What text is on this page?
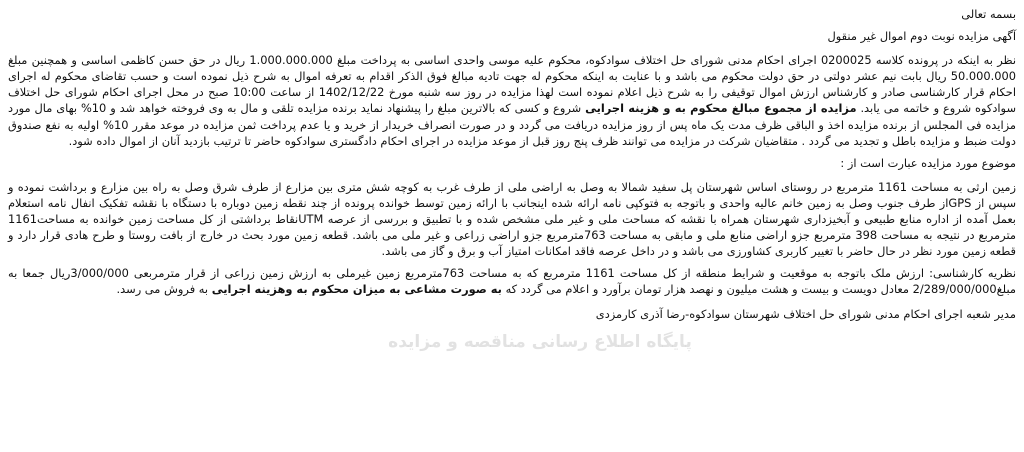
بسمه تعالی
آگهی مزایده نوبت دوم اموال غیر منقول

نظر به اینکه در پرونده کلاسه 0200025 اجرای احکام مدنی شورای حل اختلاف سوادکوه، محکوم علیه موسی واحدی اساسی به پرداخت مبلغ 1.000.000.000 ریال در حق حسن کاظمی اساسی و همچنین مبلغ 50.000.000 ریال بابت نیم عشر دولتی در حق دولت محکوم می باشد و با عنایت به اینکه محکوم له جهت تادیه مبالغ فوق الذکر اقدام به تعرفه اموال به شرح ذیل نموده است و حسب تقاضای محکوم له اجرای احکام قرار کارشناسی صادر و کارشناس ارزش اموال توقیفی را به شرح ذیل اعلام نموده است لهذا مزایده در روز سه شنبه مورخ 1402/12/22 از ساعت 10:00 صبح در محل اجرای احکام شورای حل اختلاف سوادکوه شروع و خاتمه می یابد. مزایده از مجموع مبالغ محکوم به و هزینه اجرایی شروع و کسی که بالاترین مبلغ را پیشنهاد نماید برنده مزایده تلقی و مال به وی فروخته خواهد شد و 10% بهای مال مورد مزایده فی المجلس از برنده مزایده اخذ و الباقی ظرف مدت یک ماه پس از روز مزایده دریافت می گردد و در صورت انصراف خریدار از خرید و یا عدم پرداخت ثمن مزایده در موعد مقرر 10% اولیه به نفع صندوق دولت ضبط و مزایده باطل و تجدید می گردد . متقاضیان شرکت در مزایده می توانند ظرف پنج روز قبل از موعد مزایده در اجرای احکام دادگستری سوادکوه حاضر تا ترتیب بازدید آنان از اموال داده شود.

موضوع مورد مزایده عبارت است از :

زمین ارثی به مساحت 1161 مترمربع در روستای اساس شهرستان پل سفید شمالا به وصل به اراضی ملی از طرف غرب به کوچه شش متری بین مزارع از طرف شرق وصل به راه بین مزارع و برداشت نموده و سپس از GPSاز طرف جنوب وصل به زمین خانم عالیه واحدی و باتوجه به فتوکپی نامه ارائه شده اینجانب با ارائه زمین توسط خوانده پرونده از چند نقطه زمین دوباره با دستگاه با نقشه تفکیک انفال نامه استعلام بعمل آمده از اداره منابع طبیعی و آبخیزداری شهرستان همراه با نقشه که مساحت ملی و غیر ملی مشخص شده و با تطبیق و بررسی از عرصه UTMنقاط برداشتی از کل مساحت زمین خوانده به مساحت1161 مترمربع در نتیجه به مساحت 398 مترمربع جزو اراضی منابع ملی و مابقی به مساحت 763مترمربع جزو اراضی زراعی و غیر ملی می باشد. قطعه زمین مورد بحث در خارج از بافت روستا و طرح هادی قرار دارد و قطعه زمین مورد نظر در حال حاضر با تغییر کاربری کشاورزی می باشد و در داخل عرصه فاقد امکانات امتیاز آب و برق و گاز می باشد.

نظریه کارشناسی: ارزش ملک باتوجه به موقعیت و شرایط منطقه از کل مساحت 1161 مترمربع که به مساحت 763مترمربع زمین غیرملی به ارزش زمین زراعی از قرار مترمربعی 3/000/000ریال جمعا به مبلغ2/289/000/000 معادل دویست و بیست و هشت میلیون و نهصد هزار تومان برآورد و اعلام می گردد که به صورت مشاعی به میزان محکوم به وهزینه اجرایی به فروش می رسد.

مدیر شعبه اجرای احکام مدنی شورای حل اختلاف شهرستان سوادکوه-رضا آذری کارمزدی
پایگاه اطلاع رسانی مناقصه و مزایده
